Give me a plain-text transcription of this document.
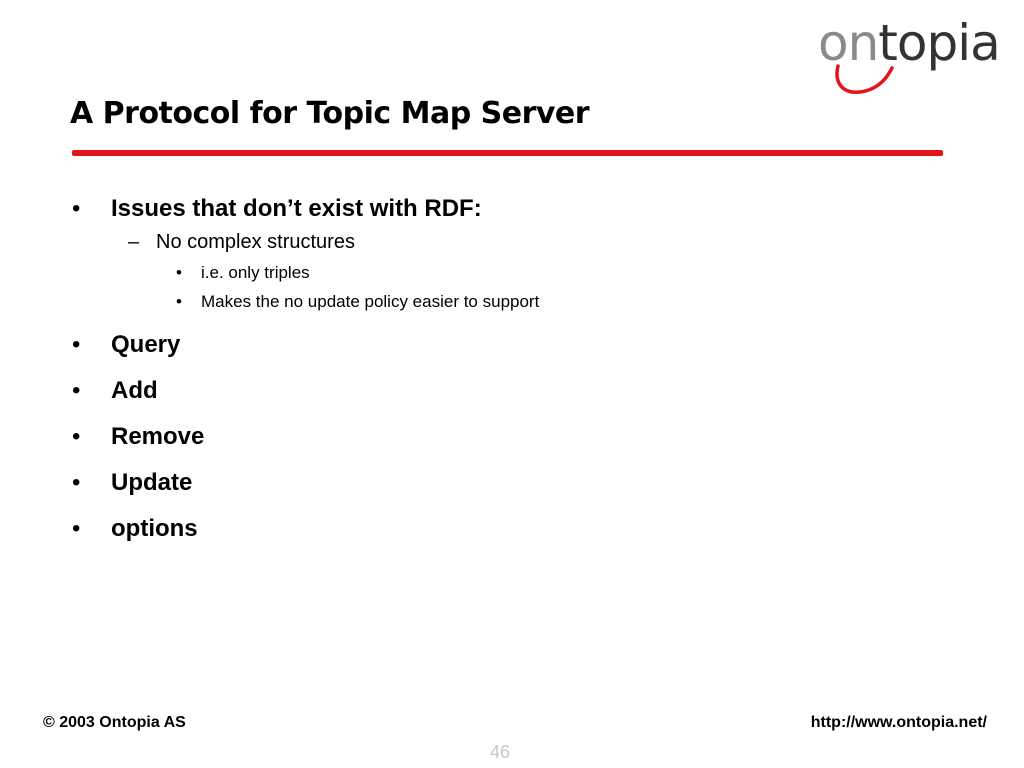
ontopia
A Protocol for Topic Map Server
• Issues that don’t exist with RDF:
– No complex structures
• i.e. only triples
• Makes the no update policy easier to support
• Query
• Add
• Remove
• Update
• options
© 2003 Ontopia AS	http://www.ontopia.net/
46
